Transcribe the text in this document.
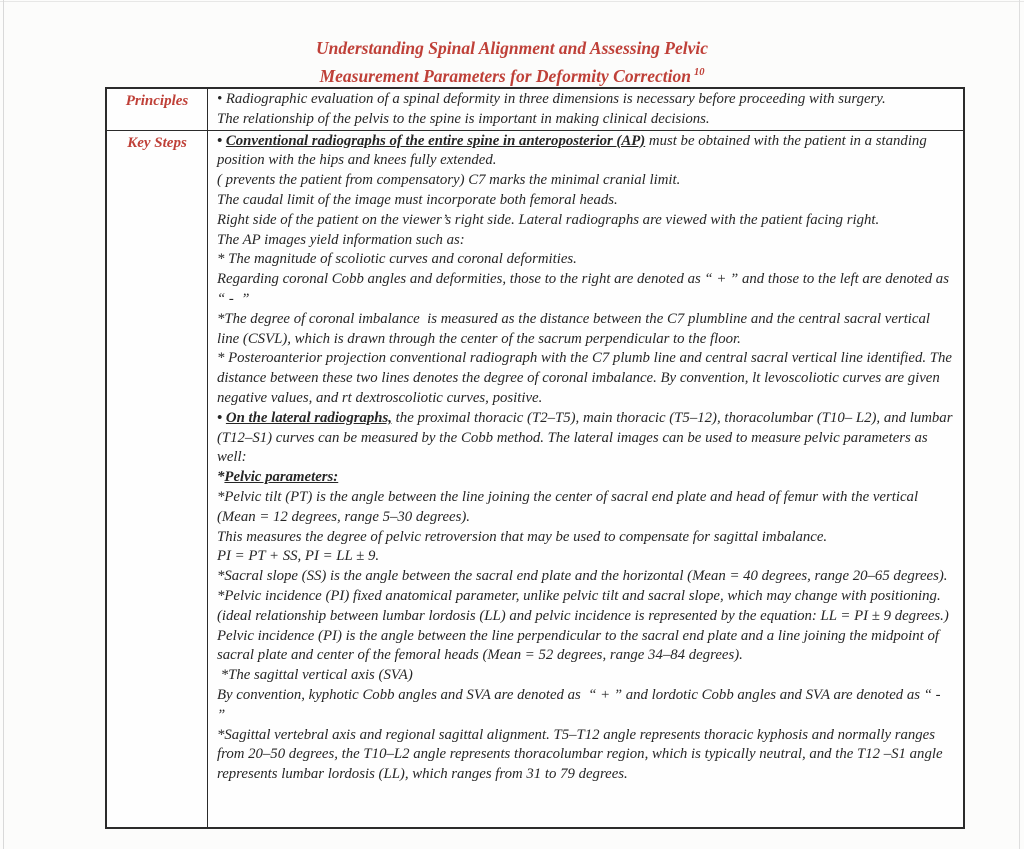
Understanding Spinal Alignment and Assessing Pelvic
Measurement Parameters for Deformity Correction $^{10}$
Principles	• Radiographic evaluation of a spinal deformity in three dimensions is necessary before proceeding with surgery.

The relationship of the pelvis to the spine is important in making clinical decisions.

Key Steps	• Conventional radiographs of the entire spine in anteroposterior (AP) must be obtained with the patient in a standing position with the hips and knees fully extended.

( prevents the patient from compensatory) C7 marks the minimal cranial limit.

The caudal limit of the image must incorporate both femoral heads.

Right side of the patient on the viewer’s right side. Lateral radiographs are viewed with the patient facing right.

The AP images yield information such as:

* The magnitude of scoliotic curves and coronal deformities.

Regarding coronal Cobb angles and deformities, those to the right are denoted as “ + ” and those to the left are denoted as  “ -  ”

*The degree of coronal imbalance  is measured as the distance between the C7 plumbline and the central sacral vertical line (CSVL), which is drawn through the center of the sacrum perpendicular to the floor.

* Posteroanterior projection conventional radiograph with the C7 plumb line and central sacral vertical line identified. The distance between these two lines denotes the degree of coronal imbalance. By convention, lt levoscoliotic curves are given negative values, and rt dextroscoliotic curves, positive.

• On the lateral radiographs, the proximal thoracic (T2–T5), main thoracic (T5–12), thoracolumbar (T10– L2), and lumbar (T12–S1) curves can be measured by the Cobb method. The lateral images can be used to measure pelvic parameters as well:

*Pelvic parameters:

*Pelvic tilt (PT) is the angle between the line joining the center of sacral end plate and head of femur with the vertical (Mean = 12 degrees, range 5–30 degrees).

This measures the degree of pelvic retroversion that may be used to compensate for sagittal imbalance.

PI = PT + SS, PI = LL ± 9.

*Sacral slope (SS) is the angle between the sacral end plate and the horizontal (Mean = 40 degrees, range 20–65 degrees).

*Pelvic incidence (PI) fixed anatomical parameter, unlike pelvic tilt and sacral slope, which may change with positioning.  (ideal relationship between lumbar lordosis (LL) and pelvic incidence is represented by the equation: LL = PI ± 9 degrees.)

Pelvic incidence (PI) is the angle between the line perpendicular to the sacral end plate and a line joining the midpoint of sacral plate and center of the femoral heads (Mean = 52 degrees, range 34–84 degrees).

*The sagittal vertical axis (SVA)

By convention, kyphotic Cobb angles and SVA are denoted as  “ + ” and lordotic Cobb angles and SVA are denoted as “ -  ”

*Sagittal vertebral axis and regional sagittal alignment. T5–T12 angle represents thoracic kyphosis and normally ranges from 20–50 degrees, the T10–L2 angle represents thoracolumbar region, which is typically neutral, and the T12 –S1 angle represents lumbar lordosis (LL), which ranges from 31 to 79 degrees.
